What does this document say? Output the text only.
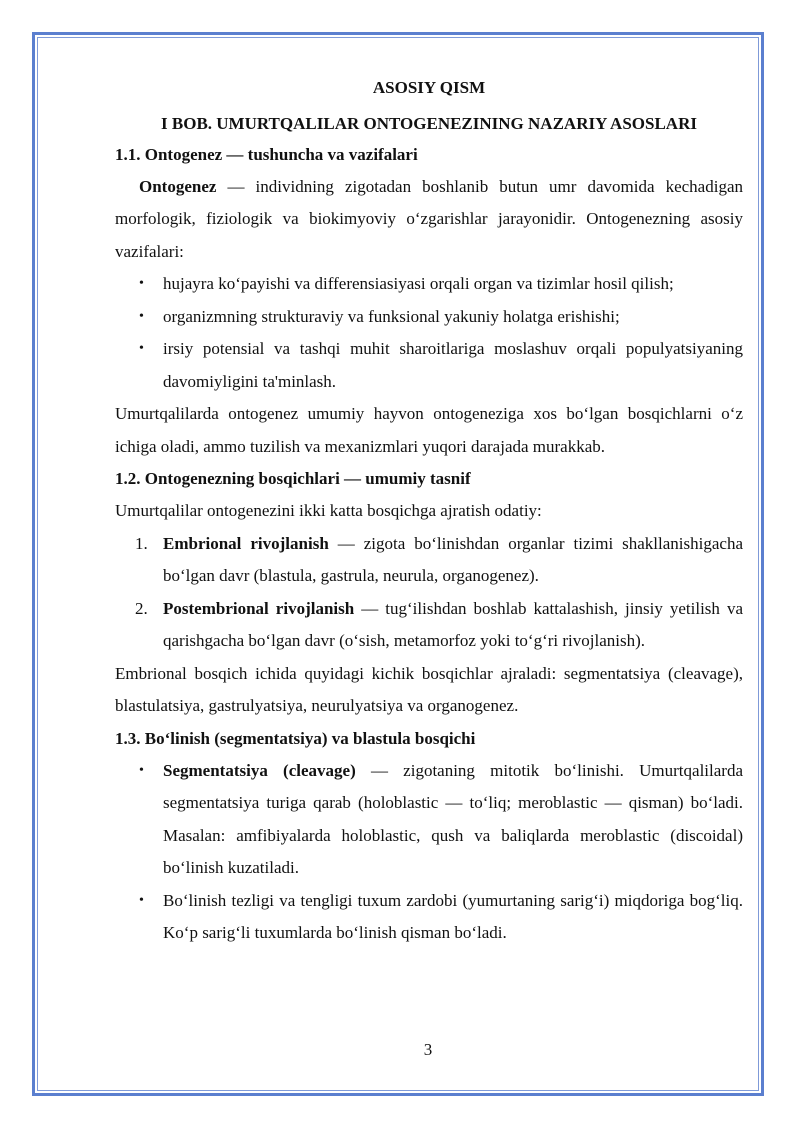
ASOSIY QISM
I BOB. UMURTQALILAR ONTOGENEZINING NAZARIY ASOSLARI
1.1. Ontogenez — tushuncha va vazifalari
Ontogenez — individning zigotadan boshlanib butun umr davomida kechadigan morfologik, fiziologik va biokimyoviy oʻzgarishlar jarayonidir. Ontogenezning asosiy vazifalari:
• hujayra koʻpayishi va differensiasiyasi orqali organ va tizimlar hosil qilish;
• organizmning strukturaviy va funksional yakuniy holatga erishishi;
• irsiy potensial va tashqi muhit sharoitlariga moslashuv orqali populyatsiyaning davomiyligini ta'minlash.
Umurtqalilarda ontogenez umumiy hayvon ontogeneziga xos boʻlgan bosqichlarni oʻz ichiga oladi, ammo tuzilish va mexanizmlari yuqori darajada murakkab.
1.2. Ontogenezning bosqichlari — umumiy tasnif
Umurtqalilar ontogenezini ikki katta bosqichga ajratish odatiy:
1. Embrional rivojlanish — zigota boʻlinishdan organlar tizimi shakllanishigacha boʻlgan davr (blastula, gastrula, neurula, organogenez).
2. Postembrional rivojlanish — tugʻilishdan boshlab kattalashish, jinsiy yetilish va qarishgacha boʻlgan davr (oʻsish, metamorfoz yoki toʻgʻri rivojlanish).
Embrional bosqich ichida quyidagi kichik bosqichlar ajraladi: segmentatsiya (cleavage), blastulatsiya, gastrulyatsiya, neurulyatsiya va organogenez.
1.3. Boʻlinish (segmentatsiya) va blastula bosqichi
• Segmentatsiya (cleavage) — zigotaning mitotik boʻlinishi. Umurtqalilarda segmentatsiya turiga qarab (holoblastic — toʻliq; meroblastic — qisman) boʻladi. Masalan: amfibiyalarda holoblastic, qush va baliqlarda meroblastic (discoidal) boʻlinish kuzatiladi.
• Boʻlinish tezligi va tengligi tuxum zardobi (yumurtaning sarigʻi) miqdoriga bogʻliq. Koʻp sarigʻli tuxumlarda boʻlinish qisman boʻladi.
3
